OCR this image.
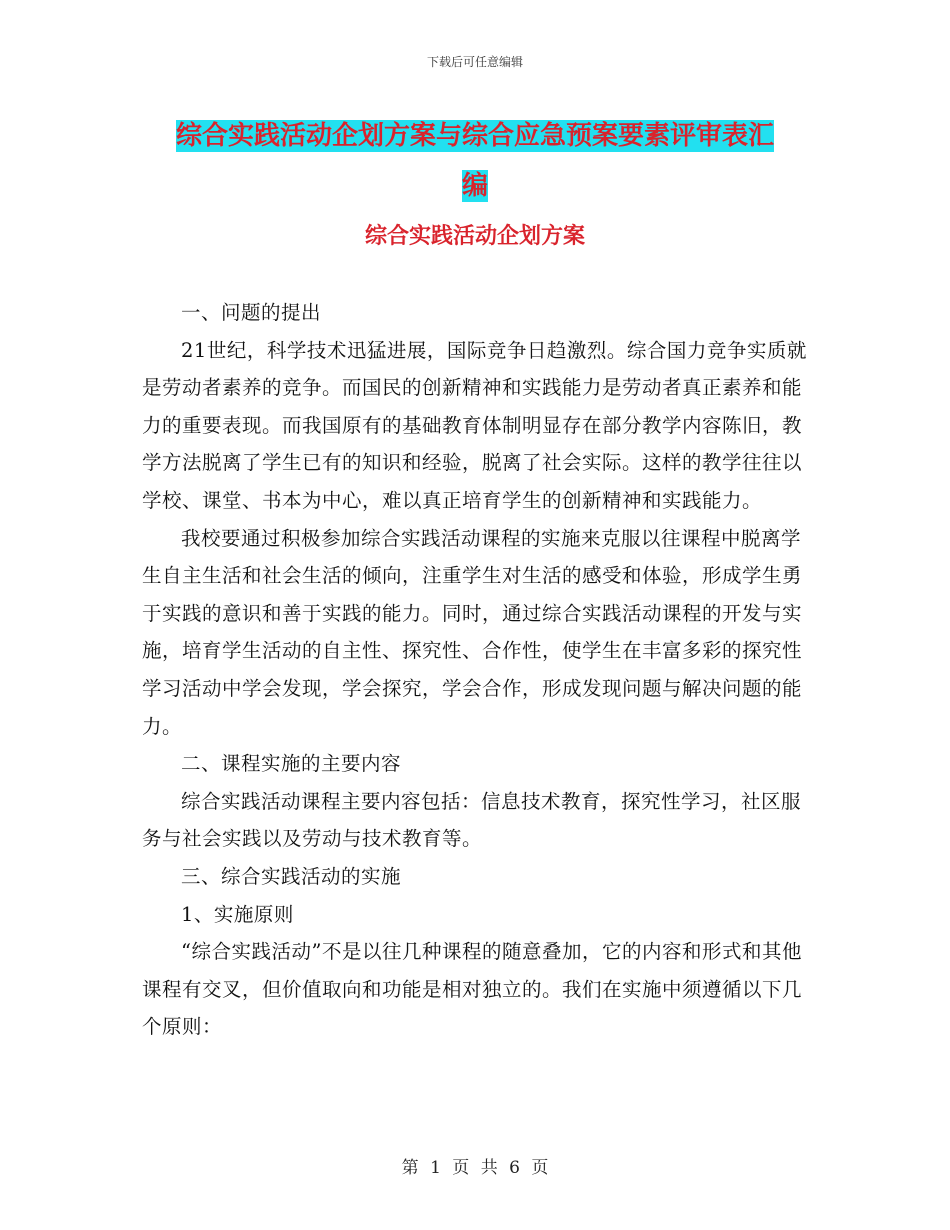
下载后可任意编辑
综合实践活动企划方案与综合应急预案要素评审表汇
编
综合实践活动企划方案

一、问题的提出

21世纪，科学技术迅猛进展，国际竞争日趋激烈。综合国力竞争实质就是劳动者素养的竞争。而国民的创新精神和实践能力是劳动者真正素养和能力的重要表现。而我国原有的基础教育体制明显存在部分教学内容陈旧，教学方法脱离了学生已有的知识和经验，脱离了社会实际。这样的教学往往以学校、课堂、书本为中心，难以真正培育学生的创新精神和实践能力。

我校要通过积极参加综合实践活动课程的实施来克服以往课程中脱离学生自主生活和社会生活的倾向，注重学生对生活的感受和体验，形成学生勇于实践的意识和善于实践的能力。同时，通过综合实践活动课程的开发与实施，培育学生活动的自主性、探究性、合作性，使学生在丰富多彩的探究性学习活动中学会发现，学会探究，学会合作，形成发现问题与解决问题的能力。

二、课程实施的主要内容

综合实践活动课程主要内容包括：信息技术教育，探究性学习，社区服务与社会实践以及劳动与技术教育等。

三、综合实践活动的实施

1、实施原则

“综合实践活动”不是以往几种课程的随意叠加，它的内容和形式和其他课程有交叉，但价值取向和功能是相对独立的。我们在实施中须遵循以下几个原则：

第 1 页 共 6 页
